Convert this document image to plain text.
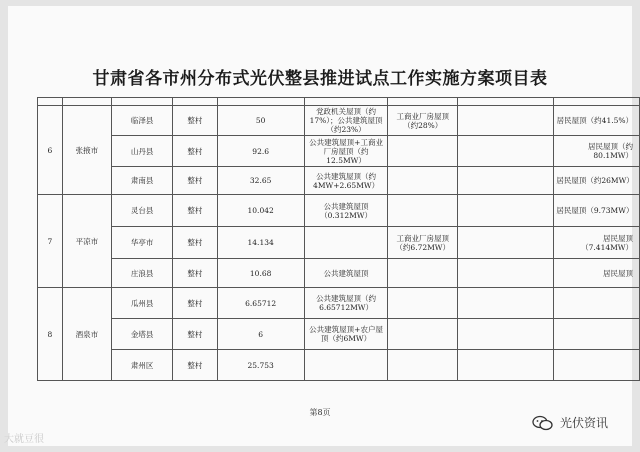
甘肃省各市州分布式光伏整县推进试点工作实施方案项目表

6	张掖市	临泽县	整村	50	党政机关屋顶（约17%）；公共建筑屋顶（约23%）	工商业厂房屋顶（约28%）		居民屋顶（约41.5%）
		山丹县	整村	92.6	公共建筑屋顶+工商业厂房屋顶（约12.5MW）			居民屋顶（约80.1MW）
		肃南县	整村	32.65	公共建筑屋顶（约4MW+2.65MW）			居民屋顶（约26MW）
7	平凉市	灵台县	整村	10.042	公共建筑屋顶（0.312MW）			居民屋顶（9.73MW）
		华亭市	整村	14.134		工商业厂房屋顶（约6.72MW）		居民屋顶（7.414MW）
		庄浪县	整村	10.68	公共建筑屋顶			居民屋顶
8	酒泉市	瓜州县	整村	6.65712	公共建筑屋顶（约6.65712MW）			
		金塔县	整村	6	公共建筑屋顶+农户屋顶（约6MW）			
		肃州区	整村	25.753				
第8页
大就豆很
光伏资讯
